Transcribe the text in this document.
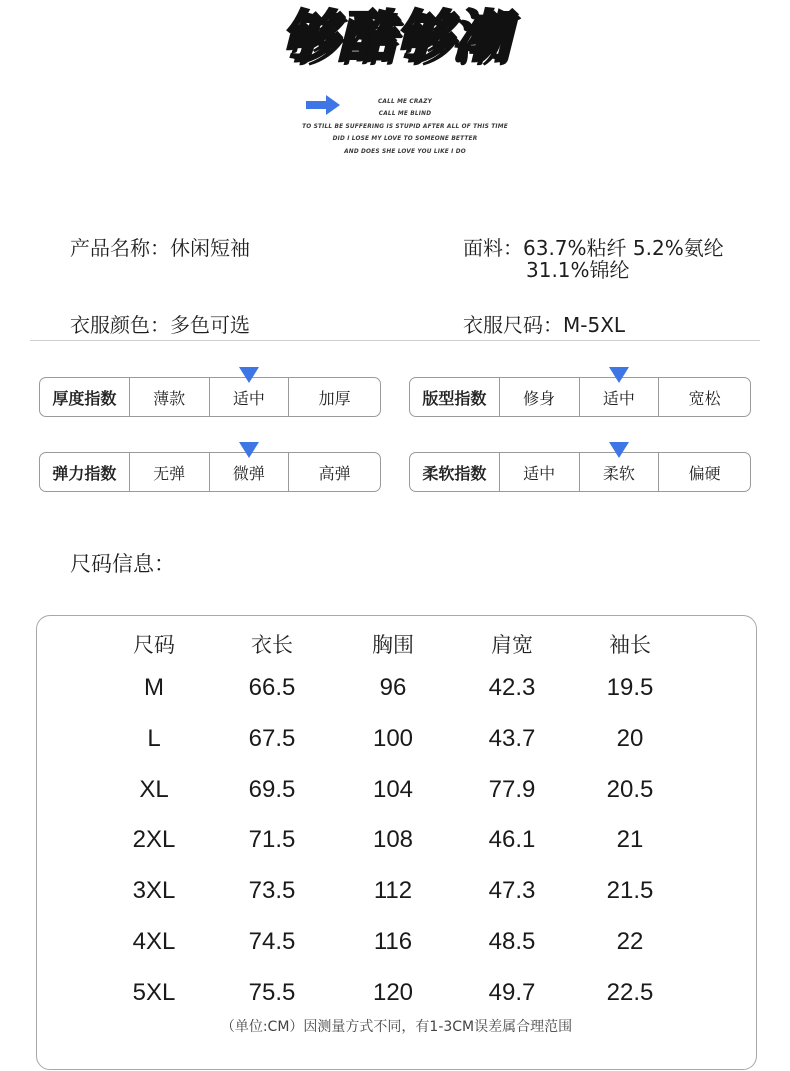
够酷够潮
CALL ME CRAZY
CALL ME BLIND
TO STILL BE SUFFERING IS STUPID AFTER ALL OF THIS TIME
DID I LOSE MY LOVE TO SOMEONE BETTER
AND DOES SHE LOVE YOU LIKE I DO
产品名称：休闲短袖	面料：63.7%粘纤 5.2%氨纶
31.1%锦纶
衣服颜色：多色可选	衣服尺码：M-5XL
厚度指数	薄款	适中	加厚	版型指数	修身	适中	宽松
弹力指数	无弹	微弹	高弹	柔软指数	适中	柔软	偏硬
尺码信息：
尺码	衣长	胸围	肩宽	袖长
M	66.5	96	42.3	19.5
L	67.5	100	43.7	20
XL	69.5	104	77.9	20.5
2XL	71.5	108	46.1	21
3XL	73.5	112	47.3	21.5
4XL	74.5	116	48.5	22
5XL	75.5	120	49.7	22.5
（单位:CM）因测量方式不同，有1-3CM误差属合理范围
